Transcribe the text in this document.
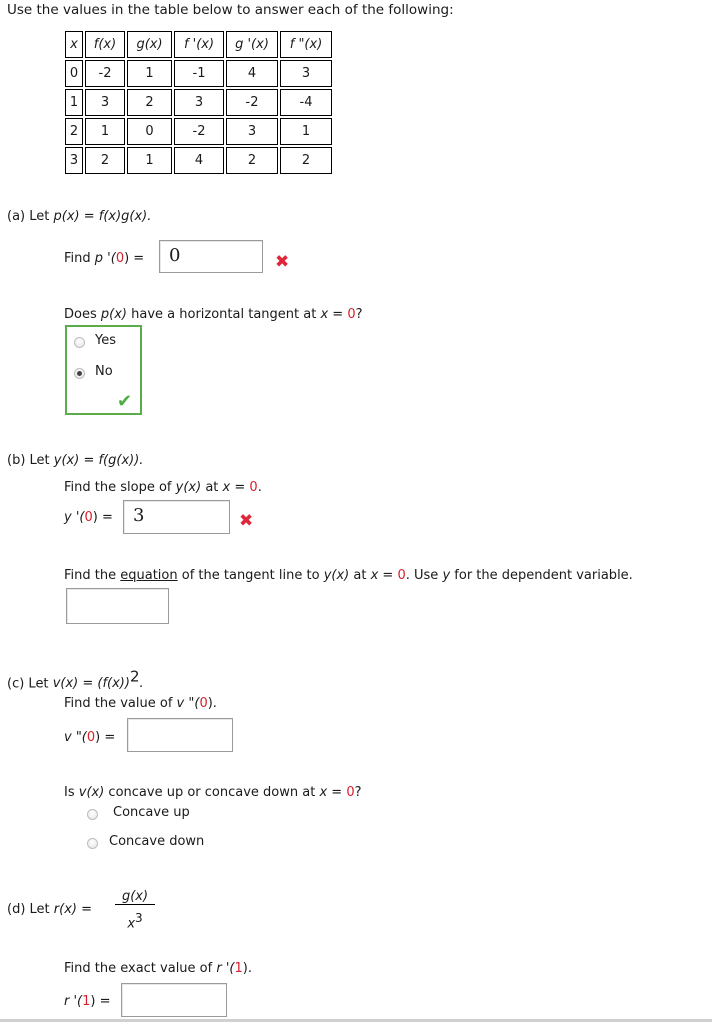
Use the values in the table below to answer each of the following:
x	f(x)	g(x)	f '(x)	g '(x)	f "(x)
0	-2	1	-1	4	3
1	3	2	3	-2	-4
2	1	0	-2	3	1
3	2	1	4	2	2
(a) Let p(x) = f(x)g(x).
Find p '(0) =	0	✖
Does p(x) have a horizontal tangent at x = 0?
Yes
No
✔
(b) Let y(x) = f(g(x)).
Find the slope of y(x) at x = 0.
y '(0) =	3	✖
Find the equation of the tangent line to y(x) at x = 0. Use y for the dependent variable.
(c) Let $v(x) = (f(x))^2$.
Find the value of v "(0).
v "(0) =
Is v(x) concave up or concave down at x = 0?
Concave up
Concave down
(d) Let r(x) =
g(x)
$x^3$
Find the exact value of r '(1).
r '(1) =
